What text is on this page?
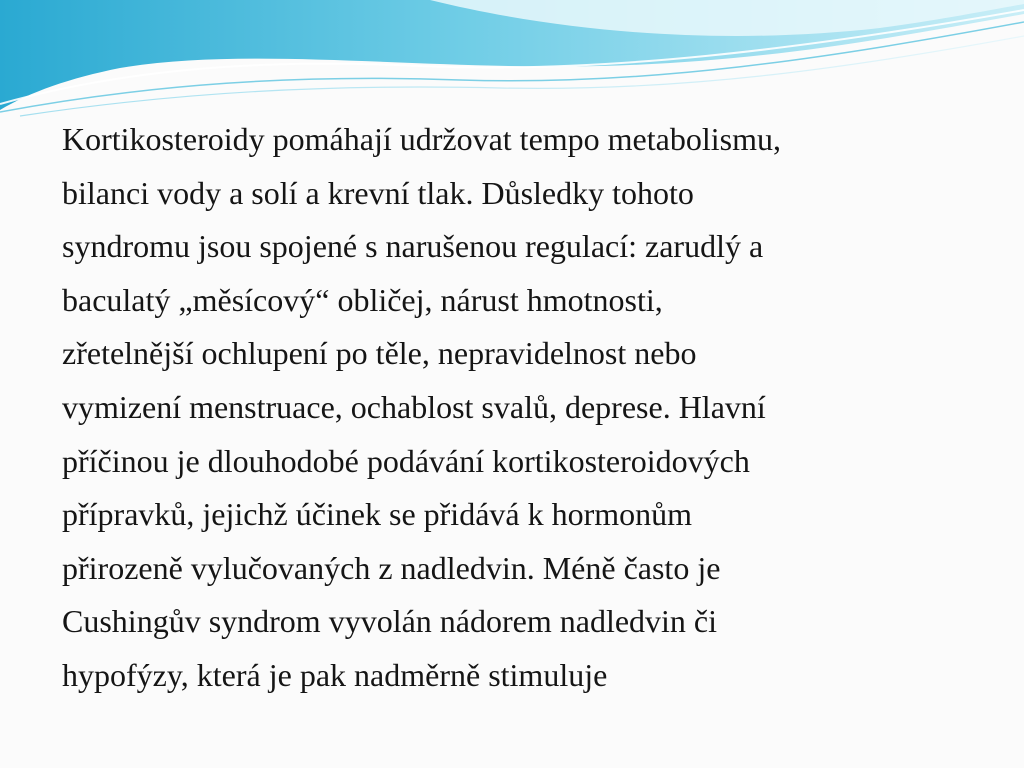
Kortikosteroidy pomáhají udržovat tempo metabolismu,
bilanci vody a solí a krevní tlak. Důsledky tohoto
syndromu jsou spojené s narušenou regulací: zarudlý a
baculatý „měsícový“ obličej, nárust hmotnosti,
zřetelnější ochlupení po těle, nepravidelnost nebo
vymizení menstruace, ochablost svalů, deprese. Hlavní
příčinou je dlouhodobé podávání kortikosteroidových
přípravků, jejichž účinek se přidává k hormonům
přirozeně vylučovaných z nadledvin. Méně často je
Cushingův syndrom vyvolán nádorem nadledvin či
hypofýzy, která je pak nadměrně stimuluje
